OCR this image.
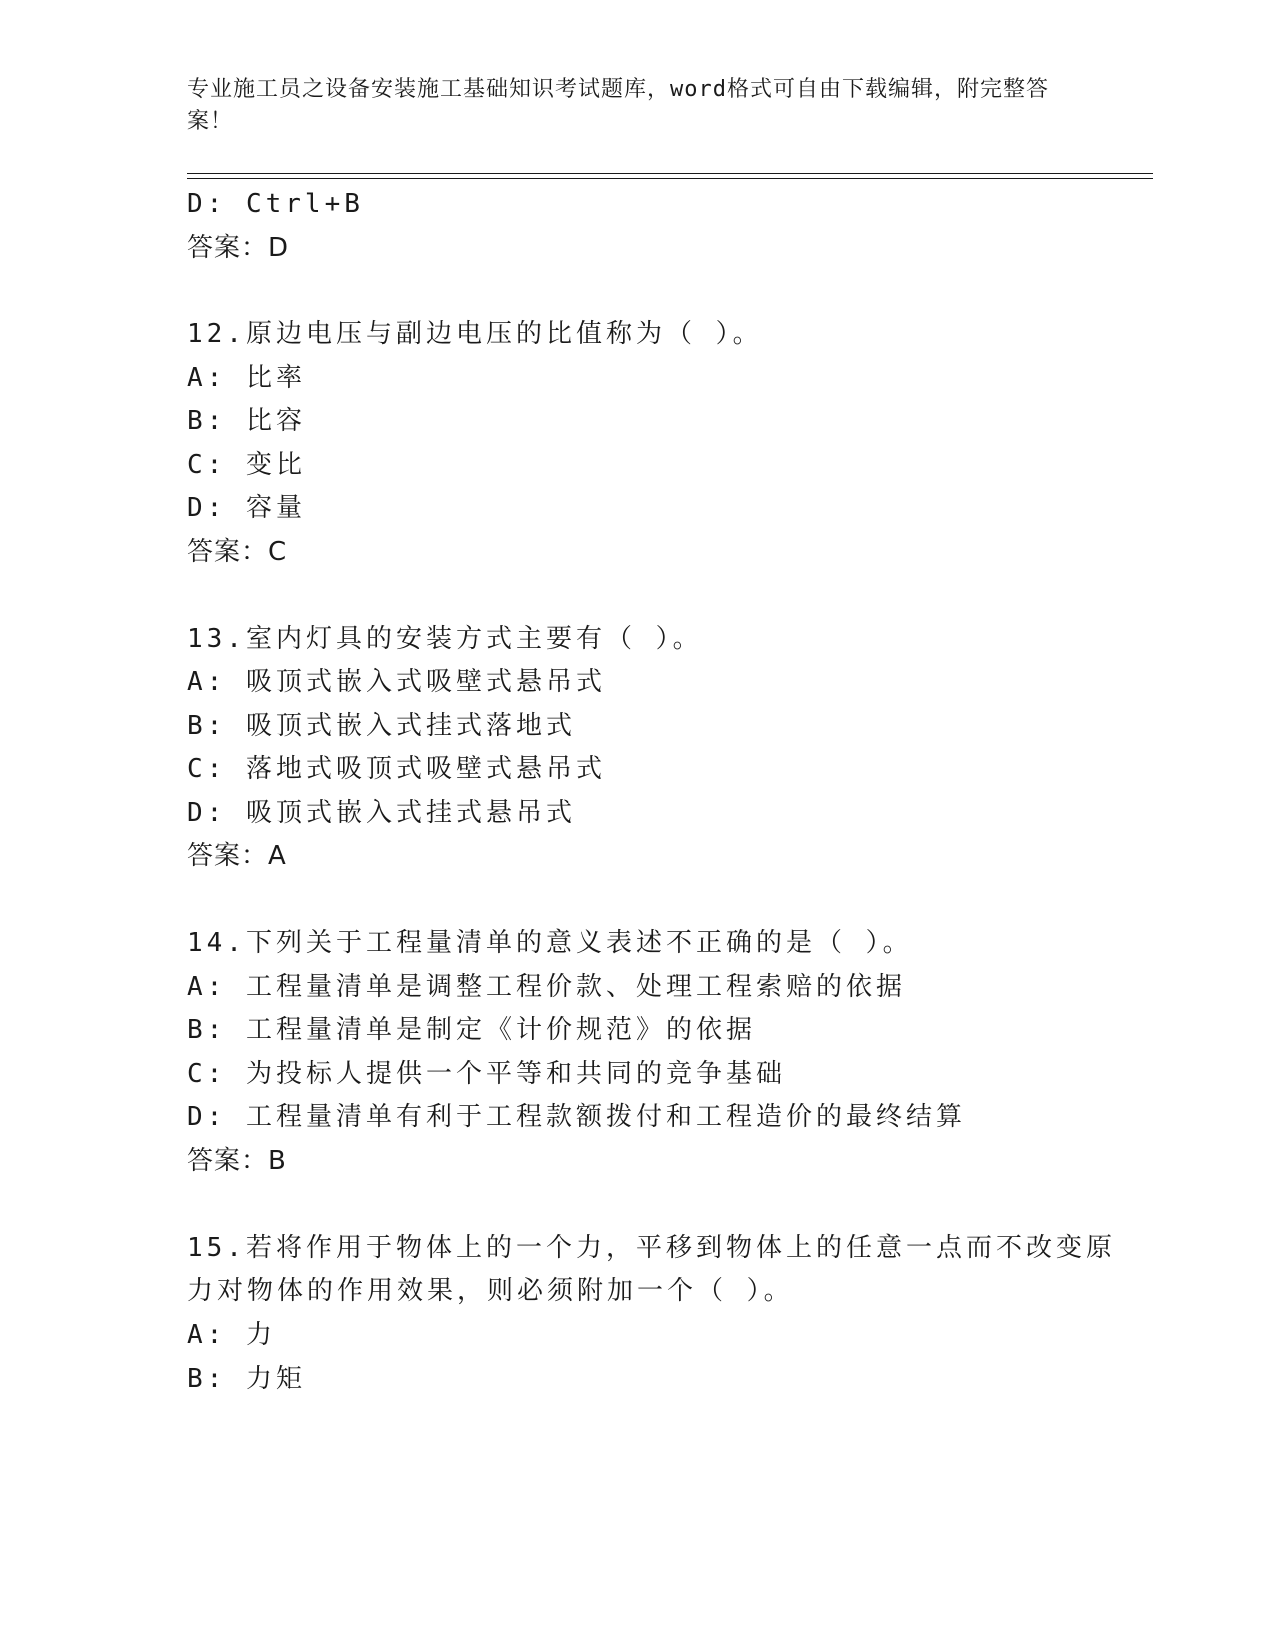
专业施工员之设备安装施工基础知识考试题库，word格式可自由下载编辑，附完整答案！
D: Ctrl+B
答案：D
12.原边电压与副边电压的比值称为（ ）。
A: 比率
B: 比容
C: 变比
D: 容量
答案：C
13.室内灯具的安装方式主要有（ ）。
A: 吸顶式嵌入式吸壁式悬吊式
B: 吸顶式嵌入式挂式落地式
C: 落地式吸顶式吸壁式悬吊式
D: 吸顶式嵌入式挂式悬吊式
答案：A
14.下列关于工程量清单的意义表述不正确的是（ ）。
A: 工程量清单是调整工程价款、处理工程索赔的依据
B: 工程量清单是制定《计价规范》的依据
C: 为投标人提供一个平等和共同的竞争基础
D: 工程量清单有利于工程款额拨付和工程造价的最终结算
答案：B
15.若将作用于物体上的一个力，平移到物体上的任意一点而不改变原
力对物体的作用效果，则必须附加一个（ ）。
A: 力
B: 力矩
